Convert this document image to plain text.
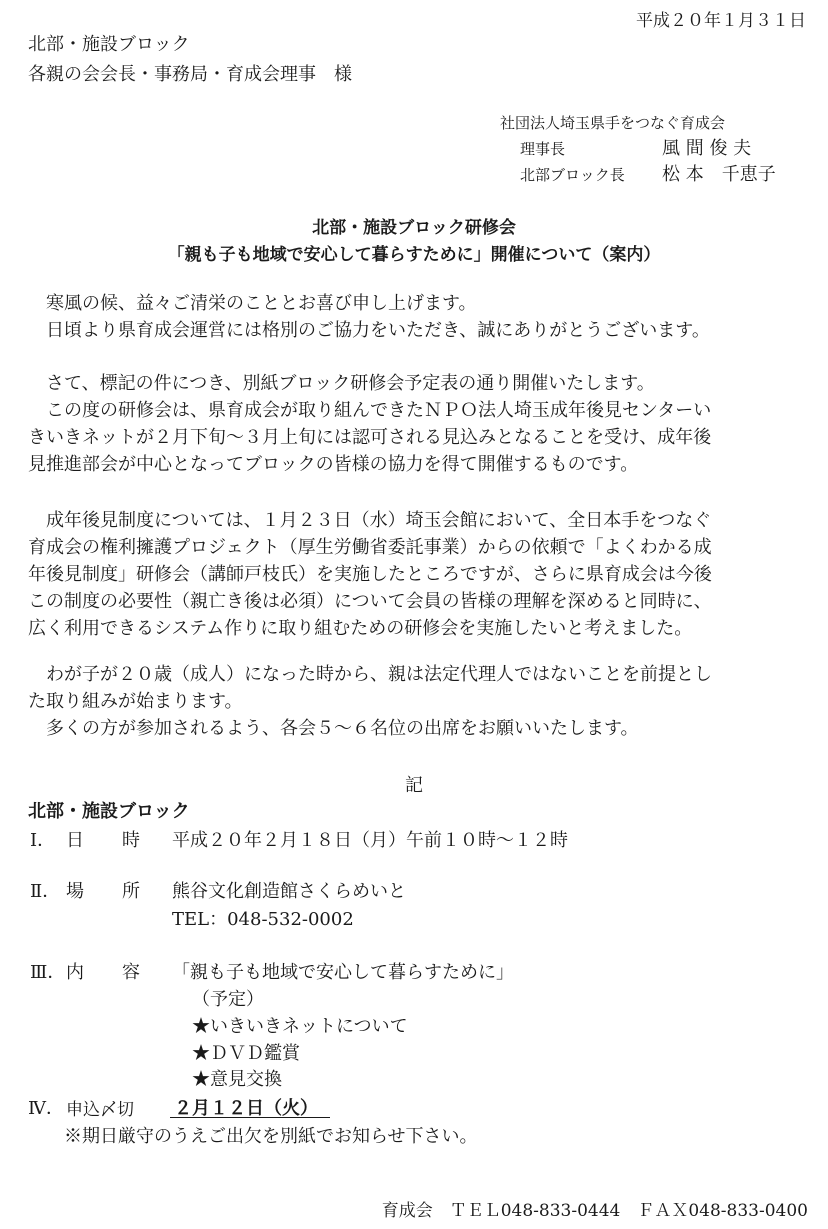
平成２０年１月３１日
北部・施設ブロック
各親の会会長・事務局・育成会理事　様
社団法人埼玉県手をつなぐ育成会
理事長	風 間 俊 夫
北部ブロック長 松 本　千恵子
北部・施設ブロック研修会
「親も子も地域で安心して暮らすために」開催について（案内）
　寒風の候、益々ご清栄のこととお喜び申し上げます。
　日頃より県育成会運営には格別のご協力をいただき、誠にありがとうございます。
　さて、標記の件につき、別紙ブロック研修会予定表の通り開催いたします。
　この度の研修会は、県育成会が取り組んできたＮＰＯ法人埼玉成年後見センターい
きいきネットが２月下旬～３月上旬には認可される見込みとなることを受け、成年後
見推進部会が中心となってブロックの皆様の協力を得て開催するものです。
　成年後見制度については、１月２３日（水）埼玉会館において、全日本手をつなぐ
育成会の権利擁護プロジェクト（厚生労働省委託事業）からの依頼で「よくわかる成
年後見制度」研修会（講師戸枝氏）を実施したところですが、さらに県育成会は今後
この制度の必要性（親亡き後は必須）について会員の皆様の理解を深めると同時に、
広く利用できるシステム作りに取り組むための研修会を実施したいと考えました。
　わが子が２０歳（成人）になった時から、親は法定代理人ではないことを前提とし
た取り組みが始まります。
　多くの方が参加されるよう、各会５～６名位の出席をお願いいたします。
記
北部・施設ブロック
Ⅰ． 日　時 平成２０年２月１８日（月）午前１０時～１２時
Ⅱ． 場　所 熊谷文化創造館さくらめいと
TEL：048-532-0002
Ⅲ． 内　容 「親も子も地域で安心して暮らすために」
（予定）
★いきいきネットについて
★ＤＶＤ鑑賞
★意見交換
Ⅳ． 申込〆切 ２月１２日（火）
※期日厳守のうえご出欠を別紙でお知らせ下さい。
育成会　ＴＥＬ048-833-0444　ＦＡＸ048-833-0400
